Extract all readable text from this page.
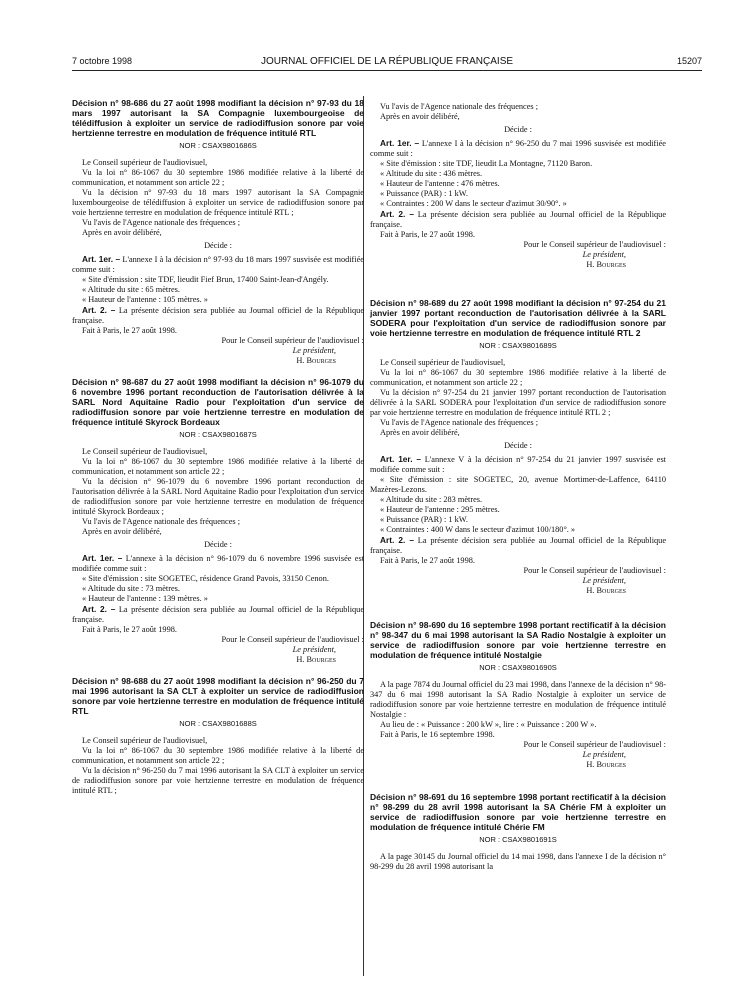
7 octobre 1998	JOURNAL OFFICIEL DE LA RÉPUBLIQUE FRANÇAISE	15207

Décision n° 98-686 du 27 août 1998 modifiant la décision n° 97-93 du 18 mars 1997 autorisant la SA Compagnie luxembourgeoise de télédiffusion à exploiter un service de radiodiffusion sonore par voie hertzienne terrestre en modulation de fréquence intitulé RTL

NOR : CSAX9801686S

Le Conseil supérieur de l'audiovisuel,

Vu la loi n° 86-1067 du 30 septembre 1986 modifiée relative à la liberté de communication, et notamment son article 22 ;

Vu la décision n° 97-93 du 18 mars 1997 autorisant la SA Compagnie luxembourgeoise de télédiffusion à exploiter un service de radiodiffusion sonore par voie hertzienne terrestre en modulation de fréquence intitulé RTL ;

Vu l'avis de l'Agence nationale des fréquences ;

Après en avoir délibéré,

Décide :

Art. 1er. – L'annexe I à la décision n° 97-93 du 18 mars 1997 susvisée est modifiée comme suit :

« Site d'émission : site TDF, lieudit Fief Brun, 17400 Saint-Jean-d'Angély.

« Altitude du site : 65 mètres.

« Hauteur de l'antenne : 105 mètres. »

Art. 2. – La présente décision sera publiée au Journal officiel de la République française.

Fait à Paris, le 27 août 1998.

Pour le Conseil supérieur de l'audiovisuel :

Le président,

H. Bourges

Décision n° 98-687 du 27 août 1998 modifiant la décision n° 96-1079 du 6 novembre 1996 portant reconduction de l'autorisation délivrée à la SARL Nord Aquitaine Radio pour l'exploitation d'un service de radiodiffusion sonore par voie hertzienne terrestre en modulation de fréquence intitulé Skyrock Bordeaux

NOR : CSAX9801687S

Le Conseil supérieur de l'audiovisuel,

Vu la loi n° 86-1067 du 30 septembre 1986 modifiée relative à la liberté de communication, et notamment son article 22 ;

Vu la décision n° 96-1079 du 6 novembre 1996 portant reconduction de l'autorisation délivrée à la SARL Nord Aquitaine Radio pour l'exploitation d'un service de radiodiffusion sonore par voie hertzienne terrestre en modulation de fréquence intitulé Skyrock Bordeaux ;

Vu l'avis de l'Agence nationale des fréquences ;

Après en avoir délibéré,

Décide :

Art. 1er. – L'annexe à la décision n° 96-1079 du 6 novembre 1996 susvisée est modifiée comme suit :

« Site d'émission : site SOGETEC, résidence Grand Pavois, 33150 Cenon.

« Altitude du site : 73 mètres.

« Hauteur de l'antenne : 139 mètres. »

Art. 2. – La présente décision sera publiée au Journal officiel de la République française.

Fait à Paris, le 27 août 1998.

Pour le Conseil supérieur de l'audiovisuel :

Le président,

H. Bourges

Décision n° 98-688 du 27 août 1998 modifiant la décision n° 96-250 du 7 mai 1996 autorisant la SA CLT à exploiter un service de radiodiffusion sonore par voie hertzienne terrestre en modulation de fréquence intitulé RTL

NOR : CSAX9801688S

Le Conseil supérieur de l'audiovisuel,

Vu la loi n° 86-1067 du 30 septembre 1986 modifiée relative à la liberté de communication, et notamment son article 22 ;

Vu la décision n° 96-250 du 7 mai 1996 autorisant la SA CLT à exploiter un service de radiodiffusion sonore par voie hertzienne terrestre en modulation de fréquence intitulé RTL ;

Vu l'avis de l'Agence nationale des fréquences ;

Après en avoir délibéré,

Décide :

Art. 1er. – L'annexe I à la décision n° 96-250 du 7 mai 1996 susvisée est modifiée comme suit :

« Site d'émission : site TDF, lieudit La Montagne, 71120 Baron.

« Altitude du site : 436 mètres.

« Hauteur de l'antenne : 476 mètres.

« Puissance (PAR) : 1 kW.

« Contraintes : 200 W dans le secteur d'azimut 30/90°. »

Art. 2. – La présente décision sera publiée au Journal officiel de la République française.

Fait à Paris, le 27 août 1998.

Pour le Conseil supérieur de l'audiovisuel :

Le président,

H. Bourges

Décision n° 98-689 du 27 août 1998 modifiant la décision n° 97-254 du 21 janvier 1997 portant reconduction de l'autorisation délivrée à la SARL SODERA pour l'exploitation d'un service de radiodiffusion sonore par voie hertzienne terrestre en modulation de fréquence intitulé RTL 2

NOR : CSAX9801689S

Le Conseil supérieur de l'audiovisuel,

Vu la loi n° 86-1067 du 30 septembre 1986 modifiée relative à la liberté de communication, et notamment son article 22 ;

Vu la décision n° 97-254 du 21 janvier 1997 portant reconduction de l'autorisation délivrée à la SARL SODERA pour l'exploitation d'un service de radiodiffusion sonore par voie hertzienne terrestre en modulation de fréquence intitulé RTL 2 ;

Vu l'avis de l'Agence nationale des fréquences ;

Après en avoir délibéré,

Décide :

Art. 1er. – L'annexe V à la décision n° 97-254 du 21 janvier 1997 susvisée est modifiée comme suit :

« Site d'émission : site SOGETEC, 20, avenue Mortimer-de-Laffence, 64110 Mazères-Lezons.

« Altitude du site : 283 mètres.

« Hauteur de l'antenne : 295 mètres.

« Puissance (PAR) : 1 kW.

« Contraintes : 400 W dans le secteur d'azimut 100/180°. »

Art. 2. – La présente décision sera publiée au Journal officiel de la République française.

Fait à Paris, le 27 août 1998.

Pour le Conseil supérieur de l'audiovisuel :

Le président,

H. Bourges

Décision n° 98-690 du 16 septembre 1998 portant rectificatif à la décision n° 98-347 du 6 mai 1998 autorisant la SA Radio Nostalgie à exploiter un service de radiodiffusion sonore par voie hertzienne terrestre en modulation de fréquence intitulé Nostalgie

NOR : CSAX9801690S

A la page 7874 du Journal officiel du 23 mai 1998, dans l'annexe de la décision n° 98-347 du 6 mai 1998 autorisant la SA Radio Nostalgie à exploiter un service de radiodiffusion sonore par voie hertzienne terrestre en modulation de fréquence intitulé Nostalgie :

Au lieu de : « Puissance : 200 kW », lire : « Puissance : 200 W ».

Fait à Paris, le 16 septembre 1998.

Pour le Conseil supérieur de l'audiovisuel :

Le président,

H. Bourges

Décision n° 98-691 du 16 septembre 1998 portant rectificatif à la décision n° 98-299 du 28 avril 1998 autorisant la SA Chérie FM à exploiter un service de radiodiffusion sonore par voie hertzienne terrestre en modulation de fréquence intitulé Chérie FM

NOR : CSAX9801691S

A la page 30145 du Journal officiel du 14 mai 1998, dans l'annexe I de la décision n° 98-299 du 28 avril 1998 autorisant la
